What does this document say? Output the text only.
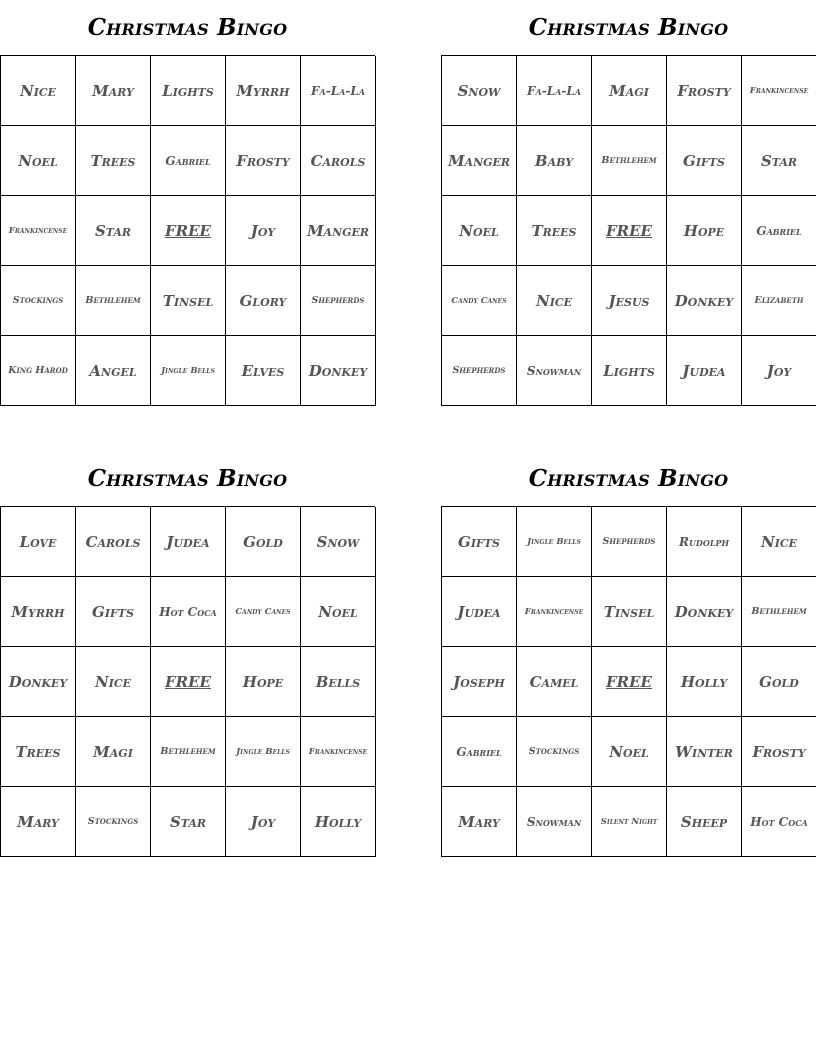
Christmas Bingo
Nice	Mary	Lights	Myrrh	Fa-La-La
Noel	Trees	Gabriel	Frosty	Carols
Frankincense	Star	FREE	Joy	Manger
Stockings	Bethlehem	Tinsel	Glory	Shepherds
King Harod	Angel	Jingle Bells	Elves	Donkey
Christmas Bingo
Snow	Fa-La-La	Magi	Frosty	Frankincense
Manger	Baby	Bethlehem	Gifts	Star
Noel	Trees	FREE	Hope	Gabriel
Candy Canes	Nice	Jesus	Donkey	Elizabeth
Shepherds	Snowman	Lights	Judea	Joy
Christmas Bingo
Love	Carols	Judea	Gold	Snow
Myrrh	Gifts	Hot Coca	Candy Canes	Noel
Donkey	Nice	FREE	Hope	Bells
Trees	Magi	Bethlehem	Jingle Bells	Frankincense
Mary	Stockings	Star	Joy	Holly
Christmas Bingo
Gifts	Jingle Bells	Shepherds	Rudolph	Nice
Judea	Frankincense	Tinsel	Donkey	Bethlehem
Joseph	Camel	FREE	Holly	Gold
Gabriel	Stockings	Noel	Winter	Frosty
Mary	Snowman	Silent Night	Sheep	Hot Coca
